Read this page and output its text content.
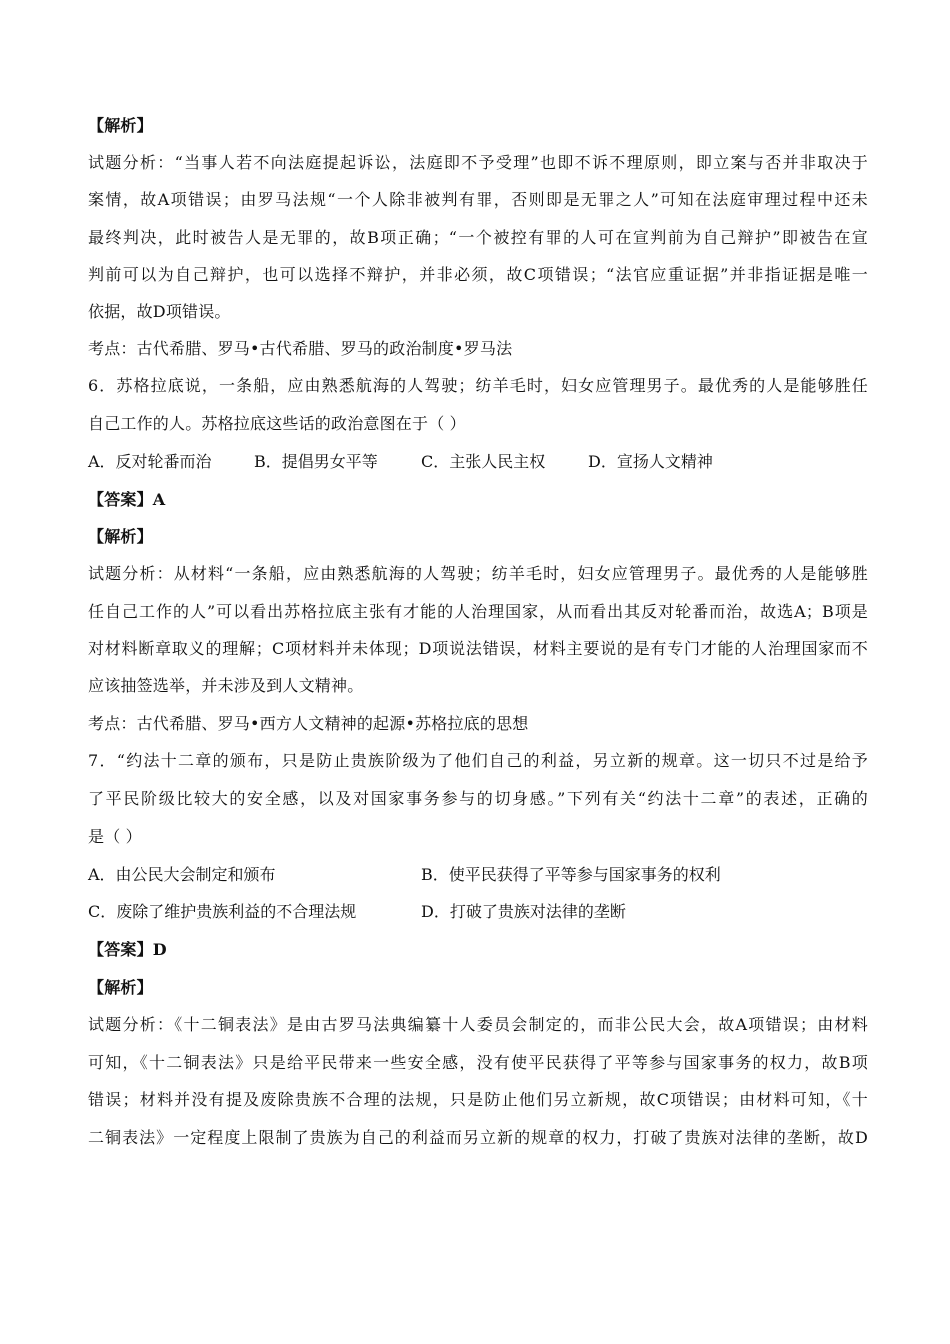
【解析】
试题分析：“当事人若不向法庭提起诉讼，法庭即不予受理”也即不诉不理原则，即立案与否并非取决于
案情，故A项错误；由罗马法规“一个人除非被判有罪，否则即是无罪之人”可知在法庭审理过程中还未
最终判决，此时被告人是无罪的，故B项正确；“一个被控有罪的人可在宣判前为自己辩护”即被告在宣
判前可以为自己辩护，也可以选择不辩护，并非必须，故C项错误；“法官应重证据”并非指证据是唯一
依据，故D项错误。
考点：古代希腊、罗马•古代希腊、罗马的政治制度•罗马法
6．苏格拉底说，一条船，应由熟悉航海的人驾驶；纺羊毛时，妇女应管理男子。最优秀的人是能够胜任
自己工作的人。苏格拉底这些话的政治意图在于（ ）
A．反对轮番而治	B．提倡男女平等	C．主张人民主权	D．宣扬人文精神
【答案】A
【解析】
试题分析：从材料“一条船，应由熟悉航海的人驾驶；纺羊毛时，妇女应管理男子。最优秀的人是能够胜
任自己工作的人”可以看出苏格拉底主张有才能的人治理国家，从而看出其反对轮番而治，故选A；B项是
对材料断章取义的理解；C项材料并未体现；D项说法错误，材料主要说的是有专门才能的人治理国家而不
应该抽签选举，并未涉及到人文精神。
考点：古代希腊、罗马•西方人文精神的起源•苏格拉底的思想
7．“约法十二章的颁布，只是防止贵族阶级为了他们自己的利益，另立新的规章。这一切只不过是给予
了平民阶级比较大的安全感，以及对国家事务参与的切身感。”下列有关“约法十二章”的表述，正确的
是（ ）
A．由公民大会制定和颁布	B．使平民获得了平等参与国家事务的权利
C．废除了维护贵族利益的不合理法规	D．打破了贵族对法律的垄断
【答案】D
【解析】
试题分析：《十二铜表法》是由古罗马法典编纂十人委员会制定的，而非公民大会，故A项错误；由材料
可知，《十二铜表法》只是给平民带来一些安全感，没有使平民获得了平等参与国家事务的权力，故B项
错误；材料并没有提及废除贵族不合理的法规，只是防止他们另立新规，故C项错误；由材料可知，《十
二铜表法》一定程度上限制了贵族为自己的利益而另立新的规章的权力，打破了贵族对法律的垄断，故D
